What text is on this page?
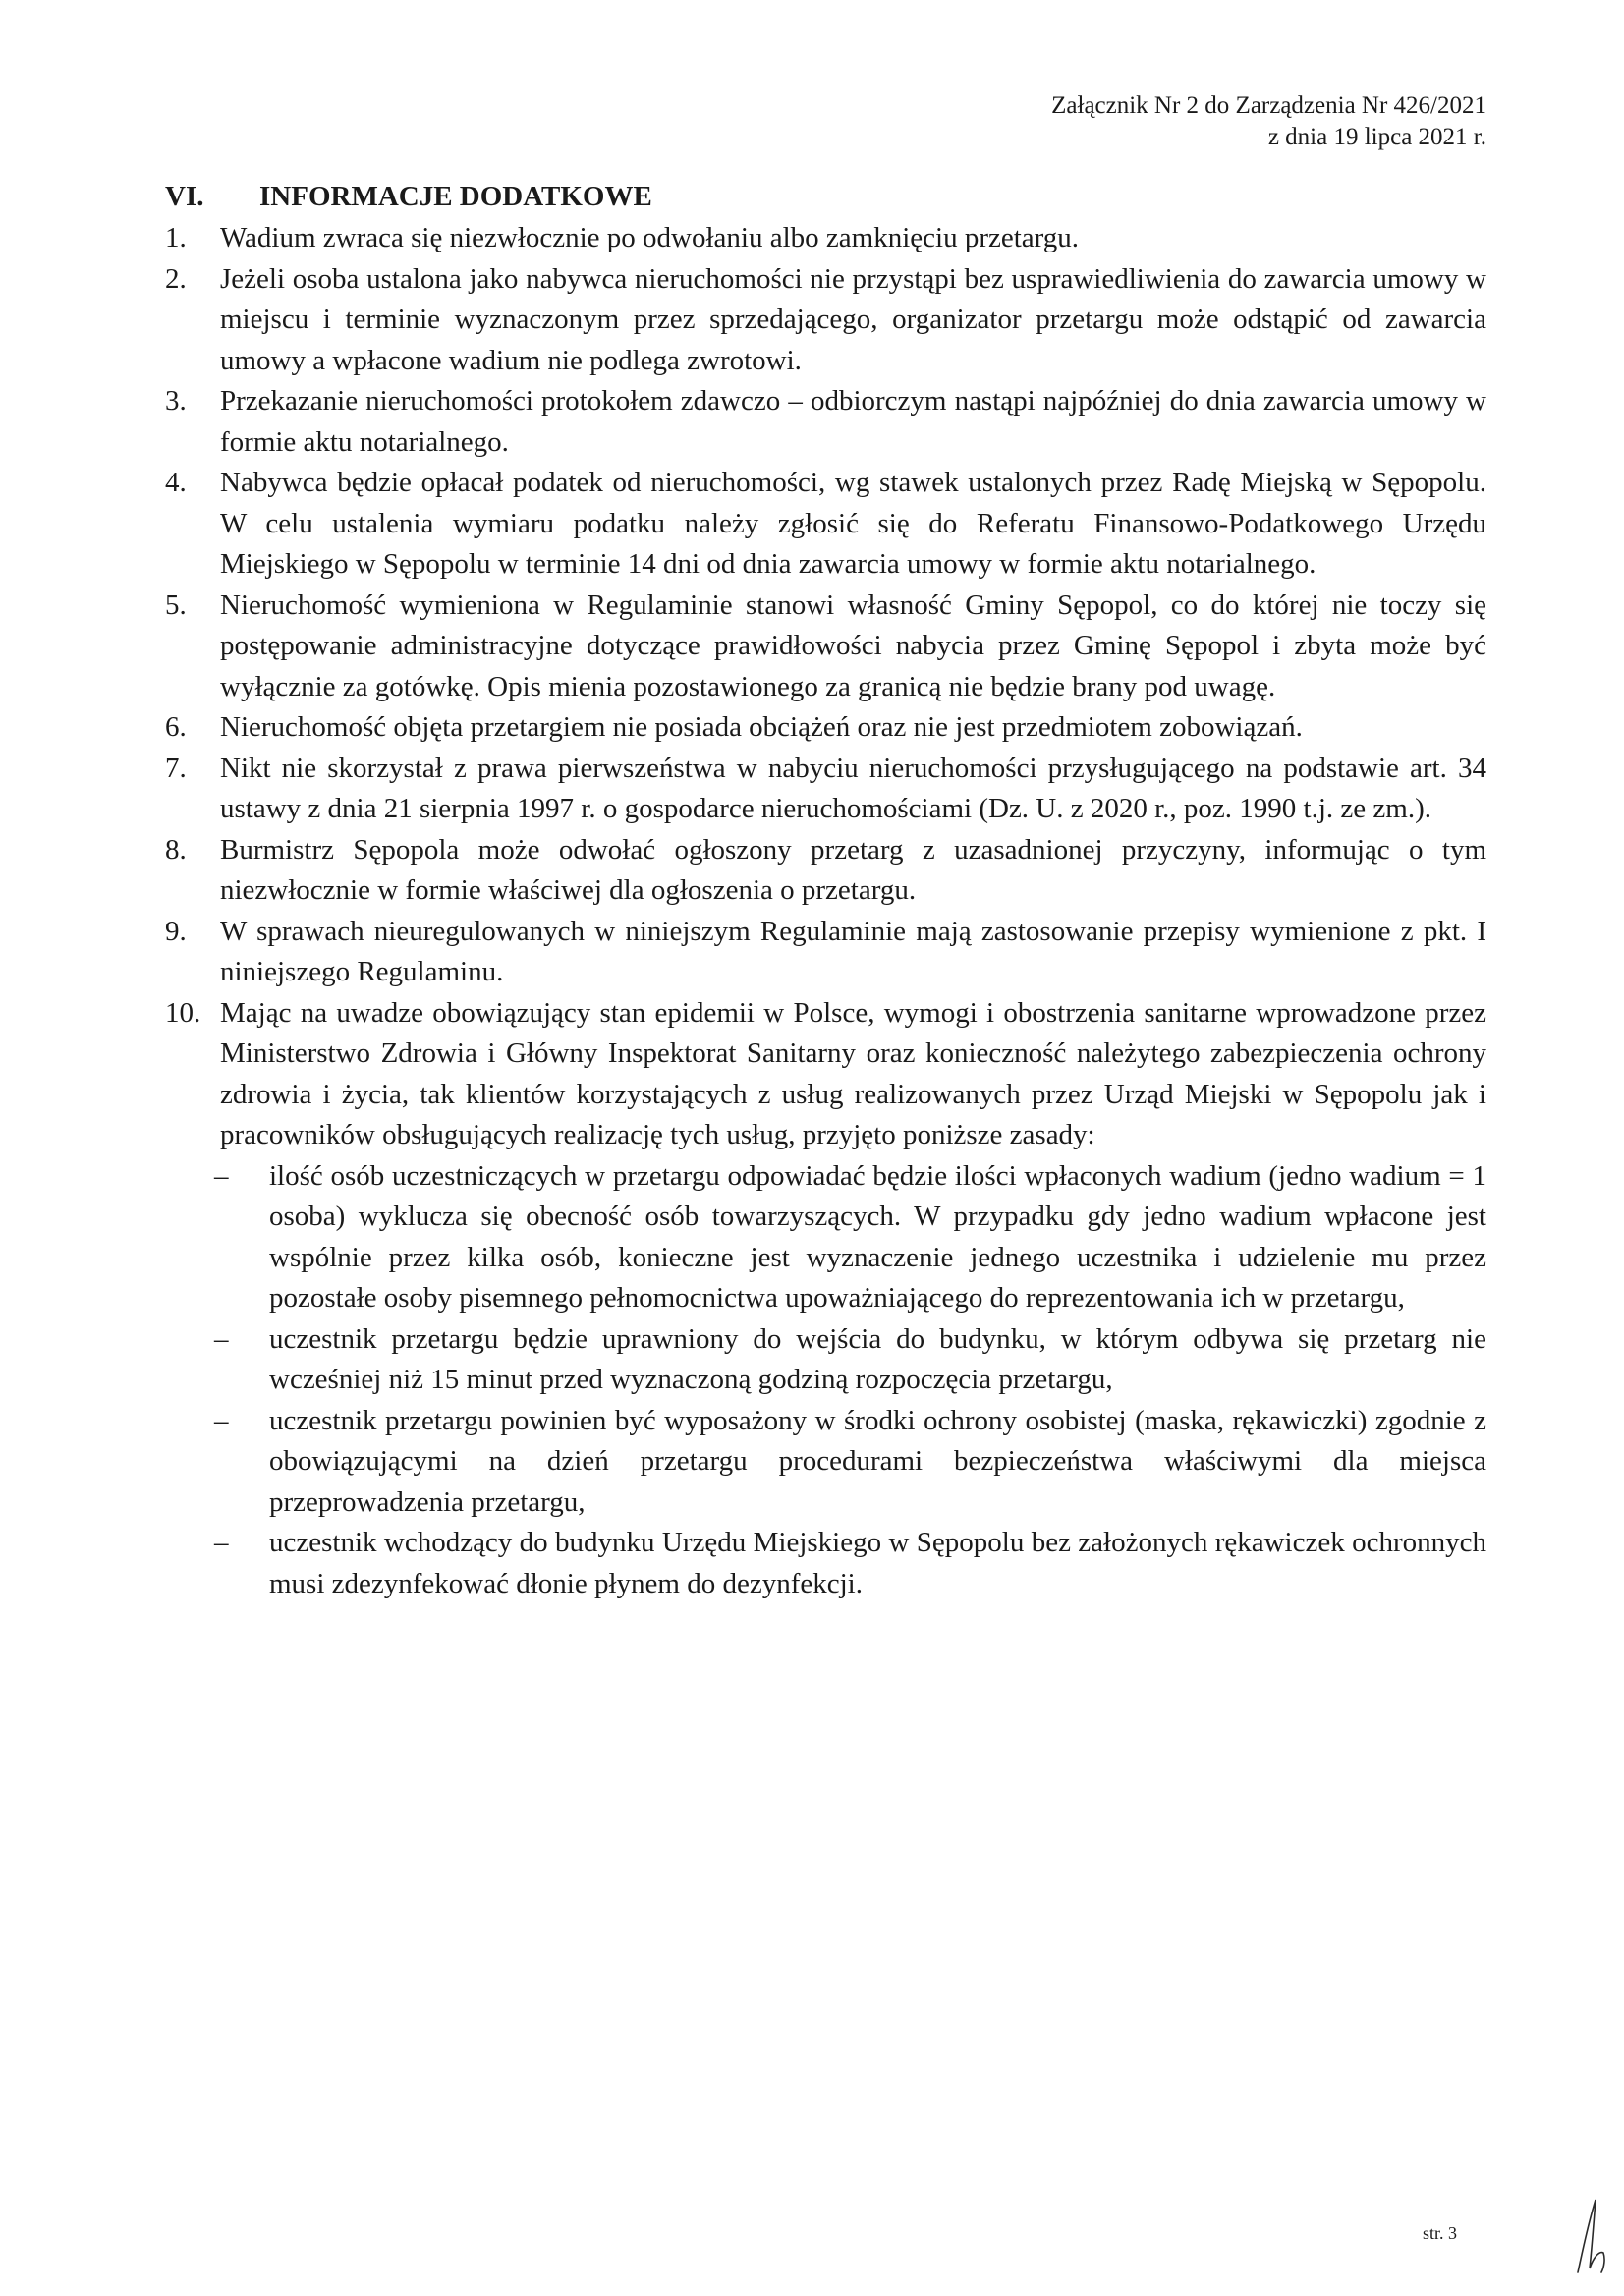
Załącznik Nr 2 do Zarządzenia Nr 426/2021
z dnia 19 lipca 2021 r.
VI.	INFORMACJE DODATKOWE
1.	Wadium zwraca się niezwłocznie po odwołaniu albo zamknięciu przetargu.
2.	Jeżeli osoba ustalona jako nabywca nieruchomości nie przystąpi bez usprawiedliwienia do zawarcia umowy w miejscu i terminie wyznaczonym przez sprzedającego, organizator przetargu może odstąpić od zawarcia umowy a wpłacone wadium nie podlega zwrotowi.
3.	Przekazanie nieruchomości protokołem zdawczo – odbiorczym nastąpi najpóźniej do dnia zawarcia umowy w formie aktu notarialnego.
4.	Nabywca będzie opłacał podatek od nieruchomości, wg stawek ustalonych przez Radę Miejską w Sępopolu. W celu ustalenia wymiaru podatku należy zgłosić się do Referatu Finansowo-Podatkowego Urzędu Miejskiego w Sępopolu w terminie 14 dni od dnia zawarcia umowy w formie aktu notarialnego.
5.	Nieruchomość wymieniona w Regulaminie stanowi własność Gminy Sępopol, co do której nie toczy się postępowanie administracyjne dotyczące prawidłowości nabycia przez Gminę Sępopol i zbyta może być wyłącznie za gotówkę. Opis mienia pozostawionego za granicą nie będzie brany pod uwagę.
6.	Nieruchomość objęta przetargiem nie posiada obciążeń oraz nie jest przedmiotem zobowiązań.
7.	Nikt nie skorzystał z prawa pierwszeństwa w nabyciu nieruchomości przysługującego na podstawie art. 34 ustawy z dnia 21 sierpnia 1997 r. o gospodarce nieruchomościami (Dz. U. z 2020 r., poz. 1990 t.j. ze zm.).
8.	Burmistrz Sępopola może odwołać ogłoszony przetarg z uzasadnionej przyczyny, informując o tym niezwłocznie w formie właściwej dla ogłoszenia o przetargu.
9.	W sprawach nieuregulowanych w niniejszym Regulaminie mają zastosowanie przepisy wymienione z pkt. I niniejszego Regulaminu.
10. Mając na uwadze obowiązujący stan epidemii w Polsce, wymogi i obostrzenia sanitarne wprowadzone przez Ministerstwo Zdrowia i Główny Inspektorat Sanitarny oraz konieczność należytego zabezpieczenia ochrony zdrowia i życia, tak klientów korzystających z usług realizowanych przez Urząd Miejski w Sępopolu jak i pracowników obsługujących realizację tych usług, przyjęto poniższe zasady:
–	ilość osób uczestniczących w przetargu odpowiadać będzie ilości wpłaconych wadium (jedno wadium = 1 osoba) wyklucza się obecność osób towarzyszących. W przypadku gdy jedno wadium wpłacone jest wspólnie przez kilka osób, konieczne jest wyznaczenie jednego uczestnika i udzielenie mu przez pozostałe osoby pisemnego pełnomocnictwa upoważniającego do reprezentowania ich w przetargu,
–	uczestnik przetargu będzie uprawniony do wejścia do budynku, w którym odbywa się przetarg nie wcześniej niż 15 minut przed wyznaczoną godziną rozpoczęcia przetargu,
–	uczestnik przetargu powinien być wyposażony w środki ochrony osobistej (maska, rękawiczki) zgodnie z obowiązującymi na dzień przetargu procedurami bezpieczeństwa właściwymi dla miejsca przeprowadzenia przetargu,
–	uczestnik wchodzący do budynku Urzędu Miejskiego w Sępopolu bez założonych rękawiczek ochronnych musi zdezynfekować dłonie płynem do dezynfekcji.
str. 3
